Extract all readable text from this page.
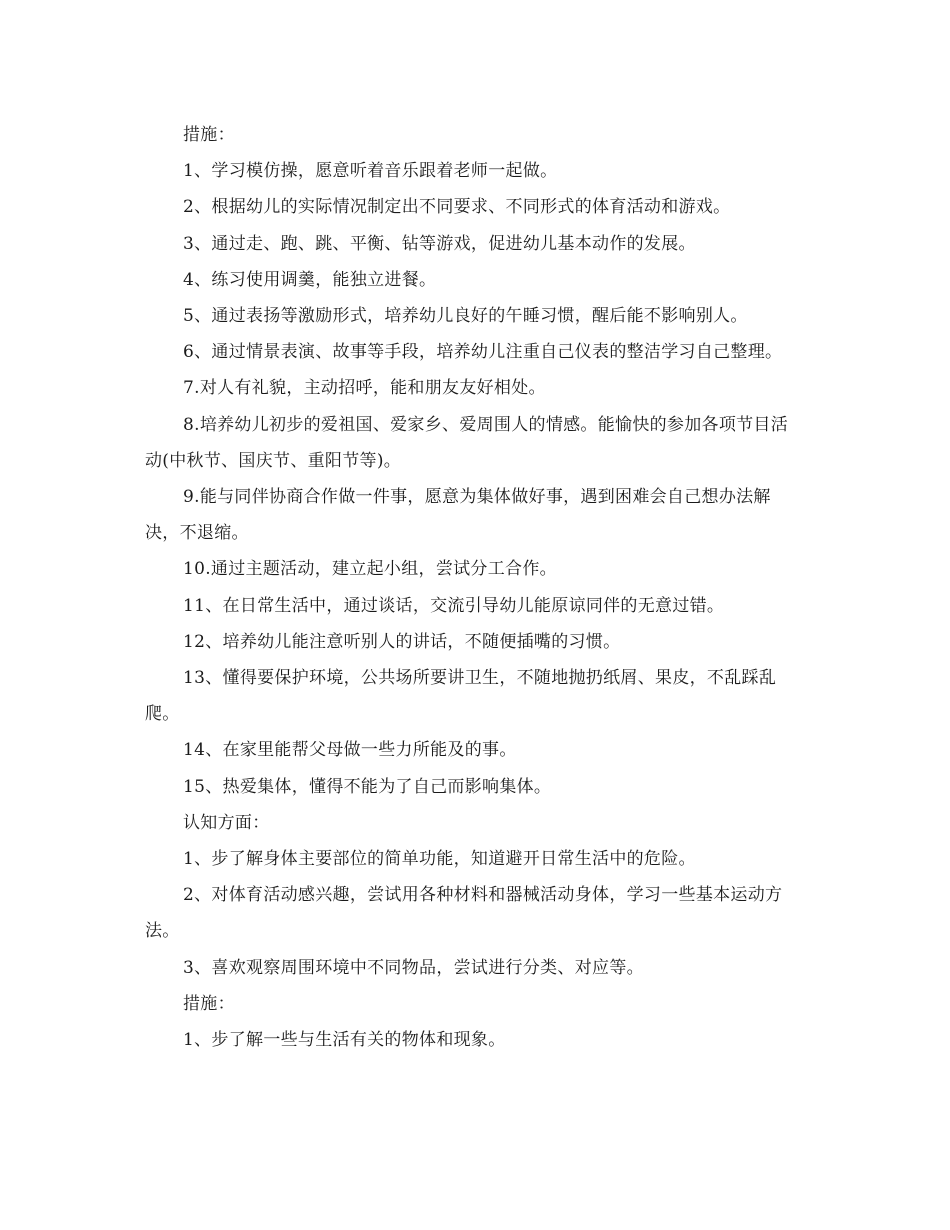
措施：

1、学习模仿操，愿意听着音乐跟着老师一起做。

2、根据幼儿的实际情况制定出不同要求、不同形式的体育活动和游戏。

3、通过走、跑、跳、平衡、钻等游戏，促进幼儿基本动作的发展。

4、练习使用调羹，能独立进餐。

5、通过表扬等激励形式，培养幼儿良好的午睡习惯，醒后能不影响别人。

6、通过情景表演、故事等手段，培养幼儿注重自己仪表的整洁学习自己整理。

7.对人有礼貌，主动招呼，能和朋友友好相处。

8.培养幼儿初步的爱祖国、爱家乡、爱周围人的情感。能愉快的参加各项节目活动(中秋节、国庆节、重阳节等)。

9.能与同伴协商合作做一件事，愿意为集体做好事，遇到困难会自己想办法解决，不退缩。

10.通过主题活动，建立起小组，尝试分工合作。

11、在日常生活中，通过谈话，交流引导幼儿能原谅同伴的无意过错。

12、培养幼儿能注意听别人的讲话，不随便插嘴的习惯。

13、懂得要保护环境，公共场所要讲卫生，不随地抛扔纸屑、果皮，不乱踩乱爬。

14、在家里能帮父母做一些力所能及的事。

15、热爱集体，懂得不能为了自己而影响集体。

认知方面：

1、步了解身体主要部位的简单功能，知道避开日常生活中的危险。

2、对体育活动感兴趣，尝试用各种材料和器械活动身体，学习一些基本运动方法。

3、喜欢观察周围环境中不同物品，尝试进行分类、对应等。

措施：

1、步了解一些与生活有关的物体和现象。
